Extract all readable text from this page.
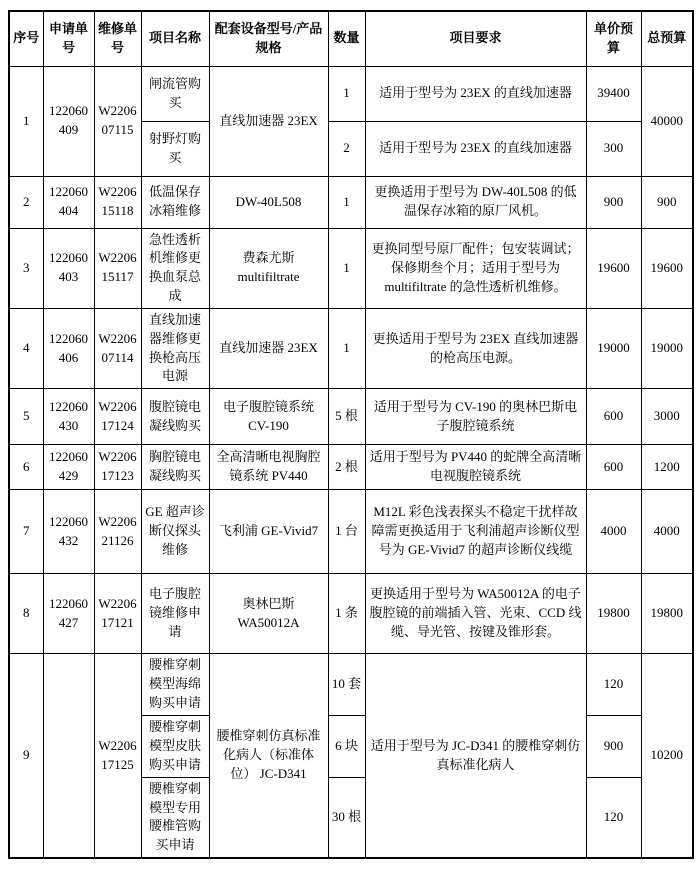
序号	申请单号	维修单号	项目名称	配套设备型号/产品规格	数量	项目要求	单价预算	总预算
1	122060409	W220607115	闸流管购买	直线加速器 23EX	1	适用于型号为 23EX 的直线加速器	39400	40000
			射野灯购买		2	适用于型号为 23EX 的直线加速器	300	
2	122060404	W220615118	低温保存冰箱维修	DW-40L508	1	更换适用于型号为 DW-40L508 的低温保存冰箱的原厂风机。	900	900
3	122060403	W220615117	急性透析机维修更换血泵总成	费森尤斯 multifiltrate	1	更换同型号原厂配件；包安装调试；保修期叁个月；适用于型号为 multifiltrate 的急性透析机维修。	19600	19600
4	122060406	W220607114	直线加速器维修更换枪高压电源	直线加速器 23EX	1	更换适用于型号为 23EX 直线加速器的枪高压电源。	19000	19000
5	122060430	W220617124	腹腔镜电凝线购买	电子腹腔镜系统 CV-190	5 根	适用于型号为 CV-190 的奥林巴斯电子腹腔镜系统	600	3000
6	122060429	W220617123	胸腔镜电凝线购买	全高清晰电视胸腔镜系统 PV440	2 根	适用于型号为 PV440 的蛇牌全高清晰电视腹腔镜系统	600	1200
7	122060432	W220621126	GE 超声诊断仪探头维修	飞利浦 GE-Vivid7	1 台	M12L 彩色浅表探头不稳定干扰样故障需更换适用于飞利浦超声诊断仪型号为 GE-Vivid7 的超声诊断仪线缆	4000	4000
8	122060427	W220617121	电子腹腔镜维修申请	奥林巴斯 WA50012A	1 条	更换适用于型号为 WA50012A 的电子腹腔镜的前端插入管、光束、CCD 线缆、导光管、按键及锥形套。	19800	19800
9		W220617125	腰椎穿刺模型海绵购买申请	腰椎穿刺仿真标准化病人（标准体位） JC-D341	10 套	适用于型号为 JC-D341 的腰椎穿刺仿真标准化病人	120	10200
			腰椎穿刺模型皮肤购买申请		6 块		900	
			腰椎穿刺模型专用腰椎管购买申请		30 根		120	
